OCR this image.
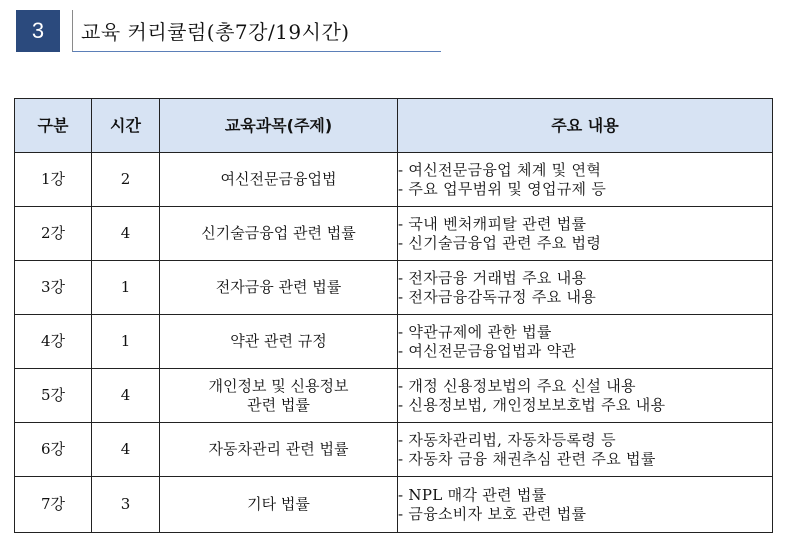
3	교육 커리큘럼(총7강/19시간)
구분	시간	교육과목(주제)	주요 내용
1강	2	여신전문금융업법	- 여신전문금융업 체계 및 연혁
- 주요 업무범위 및 영업규제 등

2강	4	신기술금융업 관련 법률	- 국내 벤처캐피탈 관련 법률
- 신기술금융업 관련 주요 법령

3강	1	전자금융 관련 법률	- 전자금융 거래법 주요 내용
- 전자금융감독규정 주요 내용

4강	1	약관 관련 규정	- 약관규제에 관한 법률
- 여신전문금융업법과 약관

5강	4	개인정보 및 신용정보
관련 법률	- 개정 신용정보법의 주요 신설 내용
- 신용정보법, 개인정보보호법 주요 내용

6강	4	자동차관리 관련 법률	- 자동차관리법, 자동차등록령 등
- 자동차 금융 채권추심 관련 주요 법률

7강	3	기타 법률	- NPL 매각 관련 법률
- 금융소비자 보호 관련 법률
